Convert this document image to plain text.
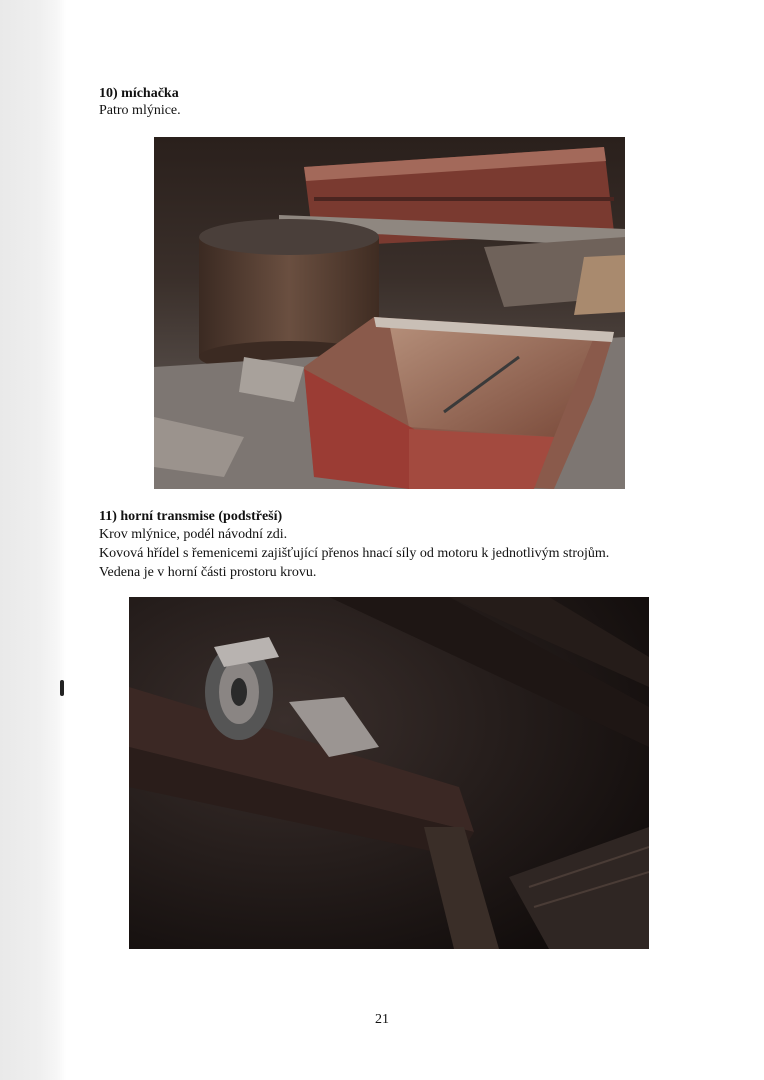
10) míchačka

Patro mlýnice.

11) horní transmise (podstřeší)

Krov mlýnice, podél návodní zdi.

Kovová hřídel s řemenicemi zajišťující přenos hnací síly od motoru k jednotlivým strojům.

Vedena je v horní části prostoru krovu.

21
